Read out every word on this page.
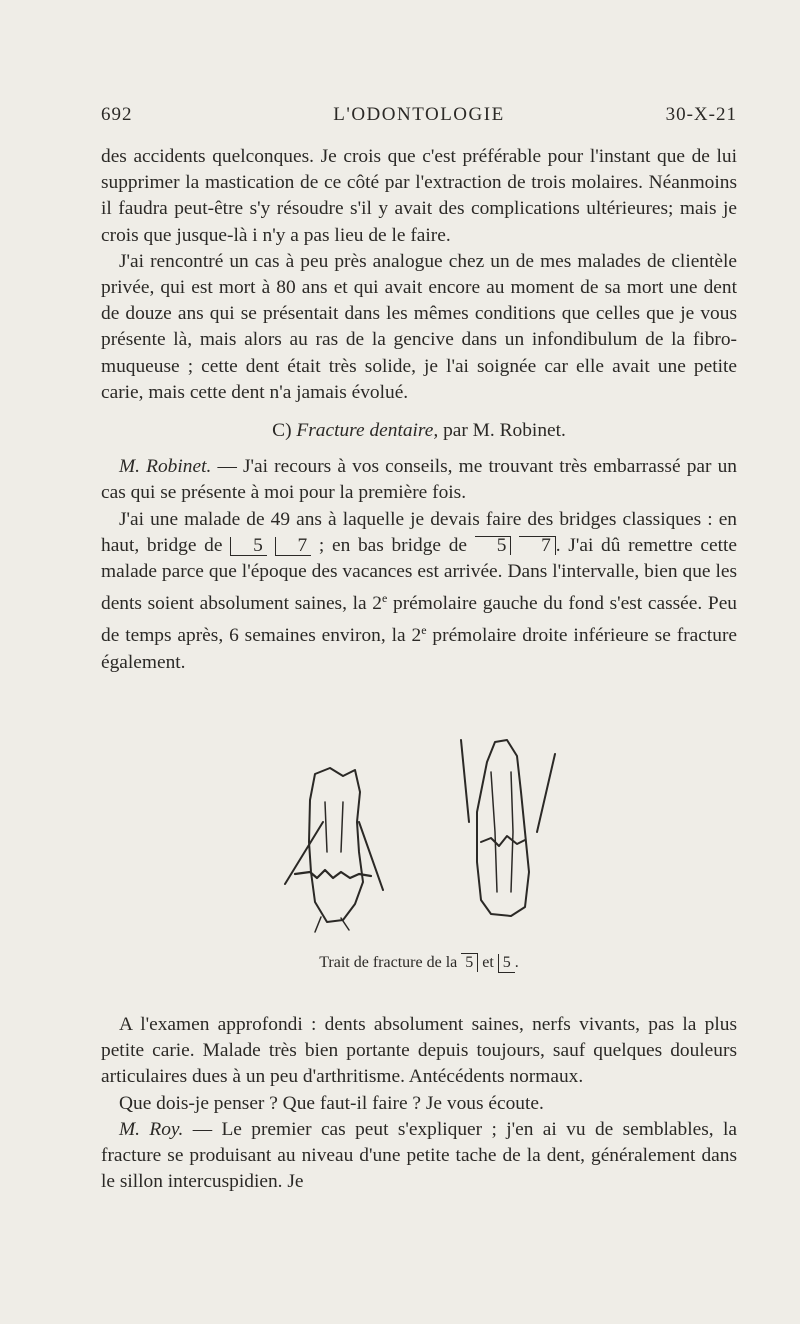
692	L'ODONTOLOGIE	30-X-21

des accidents quelconques. Je crois que c'est préférable pour l'instant que de lui supprimer la mastication de ce côté par l'extraction de trois molaires. Néanmoins il faudra peut-être s'y résoudre s'il y avait des complications ultérieures; mais je crois que jusque-là i n'y a pas lieu de le faire.

J'ai rencontré un cas à peu près analogue chez un de mes malades de clientèle privée, qui est mort à 80 ans et qui avait encore au moment de sa mort une dent de douze ans qui se présentait dans les mêmes conditions que celles que je vous présente là, mais alors au ras de la gencive dans un infondibulum de la fibro-muqueuse ; cette dent était très solide, je l'ai soignée car elle avait une petite carie, mais cette dent n'a jamais évolué.

C) Fracture dentaire, par M. Robinet.

M. Robinet. — J'ai recours à vos conseils, me trouvant très embarrassé par un cas qui se présente à moi pour la première fois.

J'ai une malade de 49 ans à laquelle je devais faire des bridges classiques : en haut, bridge de 5 7 ; en bas bridge de 5 7 . J'ai dû remettre cette malade parce que l'époque des vacances est arrivée. Dans l'intervalle, bien que les dents soient absolument saines, la 2e prémolaire gauche du fond s'est cassée. Peu de temps après, 6 semaines environ, la 2e prémolaire droite inférieure se fracture également.

Trait de fracture de la 5 et 5 .

A l'examen approfondi : dents absolument saines, nerfs vivants, pas la plus petite carie. Malade très bien portante depuis toujours, sauf quelques douleurs articulaires dues à un peu d'arthritisme. Antécédents normaux.

Que dois-je penser ? Que faut-il faire ? Je vous écoute.

M. Roy. — Le premier cas peut s'expliquer ; j'en ai vu de semblables, la fracture se produisant au niveau d'une petite tache de la dent, généralement dans le sillon intercuspidien. Je
